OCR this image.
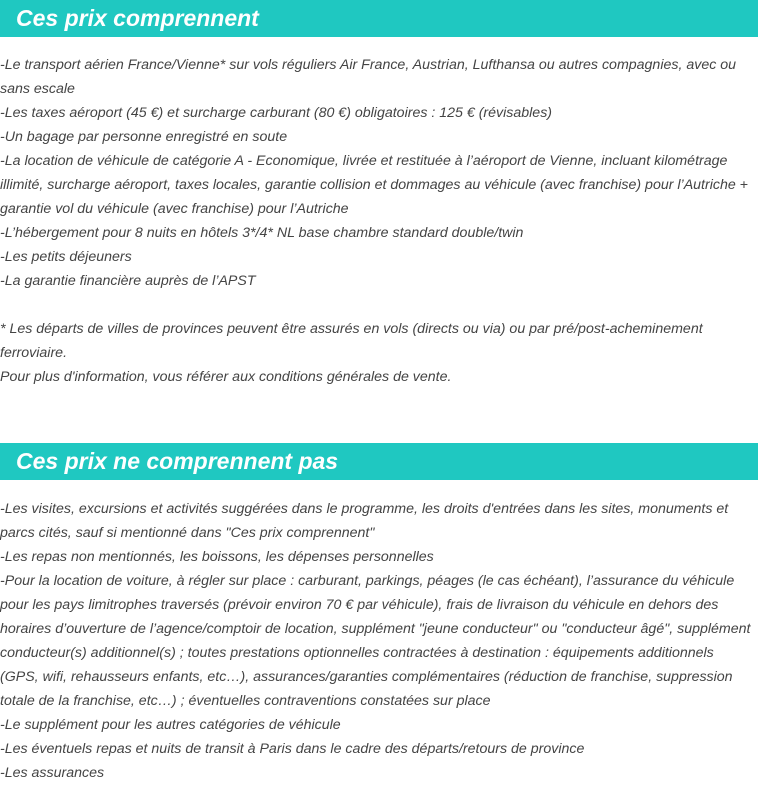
Ces prix comprennent

-Le transport aérien France/Vienne* sur vols réguliers Air France, Austrian, Lufthansa ou autres compagnies, avec ou sans escale

-Les taxes aéroport (45 €) et surcharge carburant (80 €) obligatoires : 125 € (révisables)

-Un bagage par personne enregistré en soute

-La location de véhicule de catégorie A - Economique, livrée et restituée à l’aéroport de Vienne, incluant kilométrage illimité, surcharge aéroport, taxes locales, garantie collision et dommages au véhicule (avec franchise) pour l’Autriche + garantie vol du véhicule (avec franchise) pour l’Autriche

-L’hébergement pour 8 nuits en hôtels 3*/4* NL base chambre standard double/twin

-Les petits déjeuners

-La garantie financière auprès de l’APST

* Les départs de villes de provinces peuvent être assurés en vols (directs ou via) ou par pré/post-acheminement ferroviaire.

Pour plus d'information, vous référer aux conditions générales de vente.

Ces prix ne comprennent pas

-Les visites, excursions et activités suggérées dans le programme, les droits d'entrées dans les sites, monuments et parcs cités, sauf si mentionné dans "Ces prix comprennent"

-Les repas non mentionnés, les boissons, les dépenses personnelles

-Pour la location de voiture, à régler sur place : carburant, parkings, péages (le cas échéant), l’assurance du véhicule pour les pays limitrophes traversés (prévoir environ 70 € par véhicule), frais de livraison du véhicule en dehors des horaires d’ouverture de l’agence/comptoir de location, supplément "jeune conducteur" ou "conducteur âgé", supplément conducteur(s) additionnel(s) ; toutes prestations optionnelles contractées à destination : équipements additionnels (GPS, wifi, rehausseurs enfants, etc…), assurances/garanties complémentaires (réduction de franchise, suppression totale de la franchise, etc…) ; éventuelles contraventions constatées sur place

-Le supplément pour les autres catégories de véhicule

-Les éventuels repas et nuits de transit à Paris dans le cadre des départs/retours de province

-Les assurances
